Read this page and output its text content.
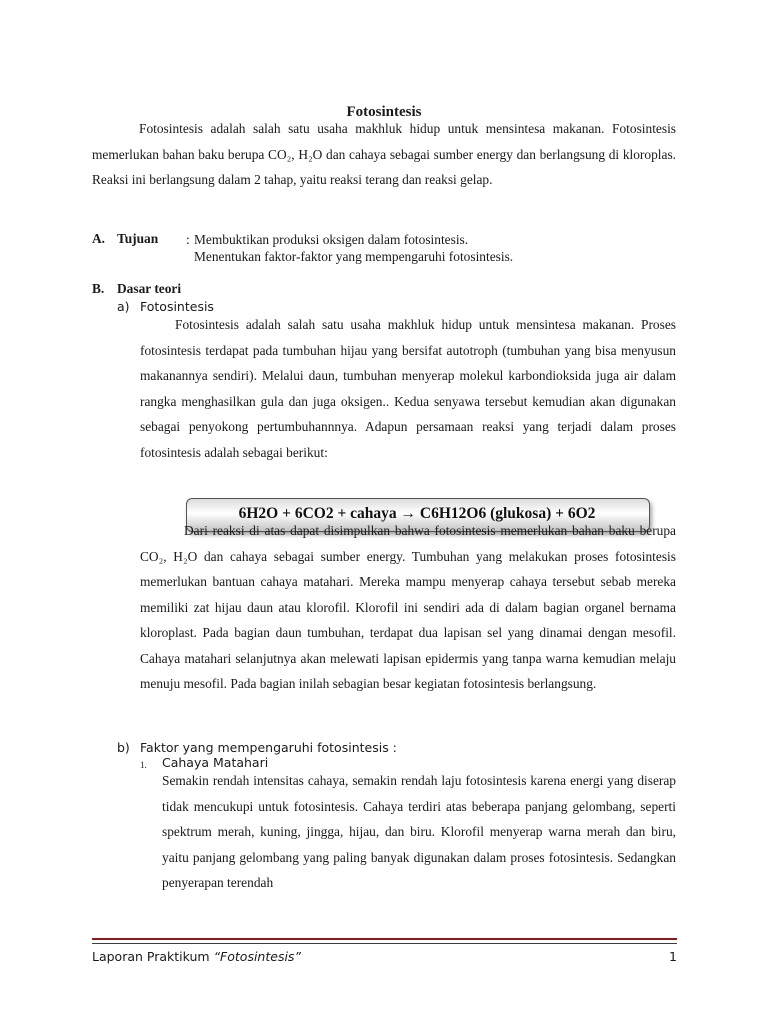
Fotosintesis

Fotosintesis adalah salah satu usaha makhluk hidup untuk mensintesa makanan. Fotosintesis memerlukan bahan baku berupa CO₂, H₂O dan cahaya sebagai sumber energy dan berlangsung di kloroplas. Reaksi ini berlangsung dalam 2 tahap, yaitu reaksi terang dan reaksi gelap.

A. Tujuan : Membuktikan produksi oksigen dalam fotosintesis.
Menentukan faktor-faktor yang mempengaruhi fotosintesis.
B. Dasar teori
a) Fotosintesis

Fotosintesis adalah salah satu usaha makhluk hidup untuk mensintesa makanan. Proses fotosintesis terdapat pada tumbuhan hijau yang bersifat autotroph (tumbuhan yang bisa menyusun makanannya sendiri). Melalui daun, tumbuhan menyerap molekul karbondioksida juga air dalam rangka menghasilkan gula dan juga oksigen.. Kedua senyawa tersebut kemudian akan digunakan sebagai penyokong pertumbuhannnya. Adapun persamaan reaksi yang terjadi dalam proses fotosintesis adalah sebagai berikut:

6H2O + 6CO2 + cahaya → C6H12O6 (glukosa) + 6O2

Dari reaksi di atas dapat disimpulkan bahwa fotosintesis memerlukan bahan baku berupa CO₂, H₂O dan cahaya sebagai sumber energy. Tumbuhan yang melakukan proses fotosintesis memerlukan bantuan cahaya matahari. Mereka mampu menyerap cahaya tersebut sebab mereka memiliki zat hijau daun atau klorofil. Klorofil ini sendiri ada di dalam bagian organel bernama kloroplast. Pada bagian daun tumbuhan, terdapat dua lapisan sel yang dinamai dengan mesofil. Cahaya matahari selanjutnya akan melewati lapisan epidermis yang tanpa warna kemudian melaju menuju mesofil. Pada bagian inilah sebagian besar kegiatan fotosintesis berlangsung.

b) Faktor yang mempengaruhi fotosintesis :
1. Cahaya Matahari

Semakin rendah intensitas cahaya, semakin rendah laju fotosintesis karena energi yang diserap tidak mencukupi untuk fotosintesis. Cahaya terdiri atas beberapa panjang gelombang, seperti spektrum merah, kuning, jingga, hijau, dan biru. Klorofil menyerap warna merah dan biru, yaitu panjang gelombang yang paling banyak digunakan dalam proses fotosintesis. Sedangkan penyerapan terendah

Laporan Praktikum “Fotosintesis”	1
